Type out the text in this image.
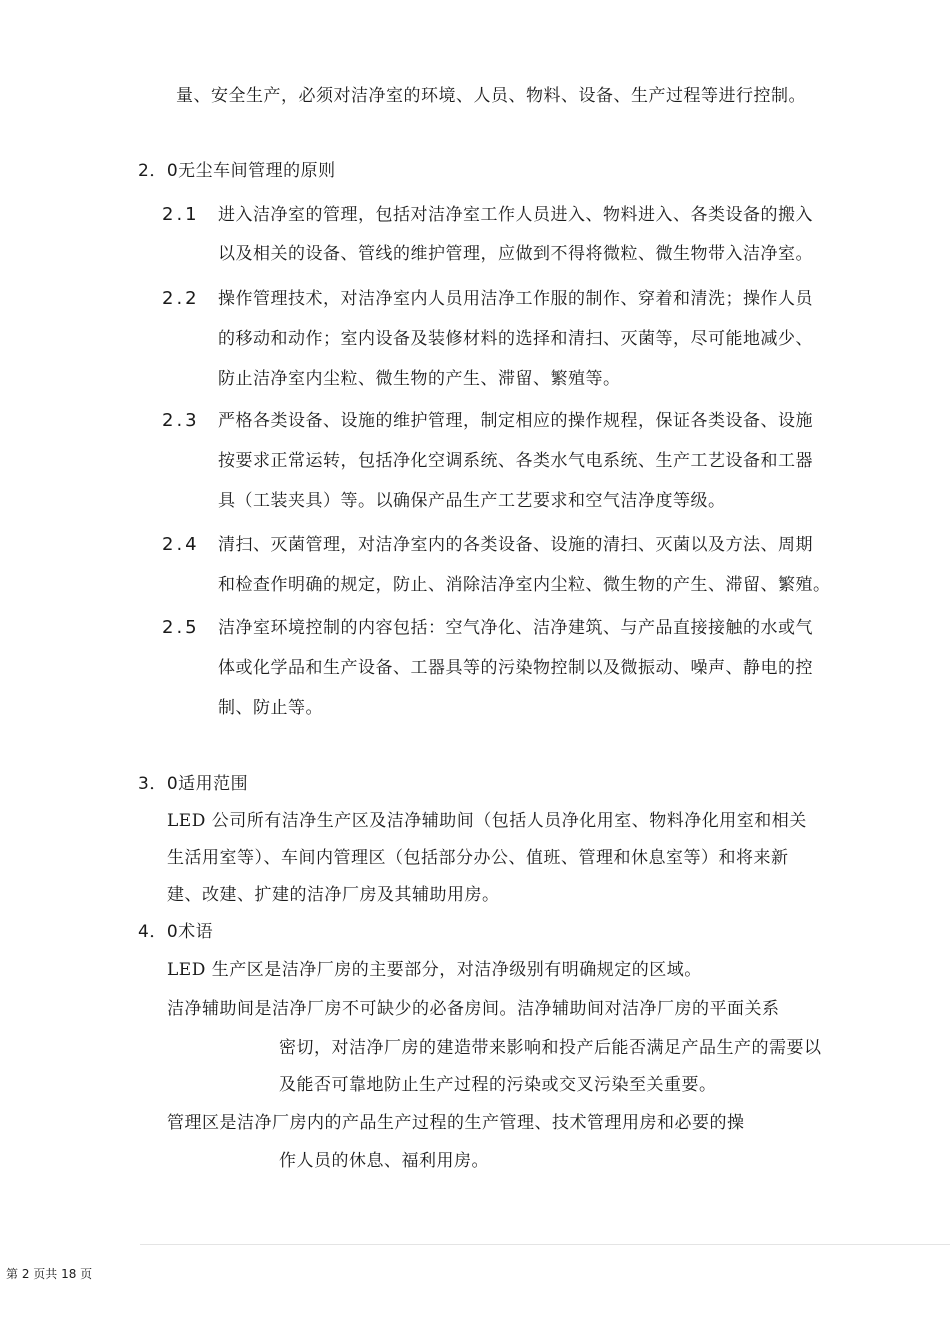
量、安全生产，必须对洁净室的环境、人员、物料、设备、生产过程等进行控制。
2．0无尘车间管理的原则
2.1 进入洁净室的管理，包括对洁净室工作人员进入、物料进入、各类设备的搬入
以及相关的设备、管线的维护管理，应做到不得将微粒、微生物带入洁净室。
2.2 操作管理技术，对洁净室内人员用洁净工作服的制作、穿着和清洗；操作人员
的移动和动作；室内设备及装修材料的选择和清扫、灭菌等，尽可能地减少、
防止洁净室内尘粒、微生物的产生、滞留、繁殖等。
2.3 严格各类设备、设施的维护管理，制定相应的操作规程，保证各类设备、设施
按要求正常运转，包括净化空调系统、各类水气电系统、生产工艺设备和工器
具（工装夹具）等。以确保产品生产工艺要求和空气洁净度等级。
2.4 清扫、灭菌管理，对洁净室内的各类设备、设施的清扫、灭菌以及方法、周期
和检查作明确的规定，防止、消除洁净室内尘粒、微生物的产生、滞留、繁殖。
2.5 洁净室环境控制的内容包括：空气净化、洁净建筑、与产品直接接触的水或气
体或化学品和生产设备、工器具等的污染物控制以及微振动、噪声、静电的控
制、防止等。
3．0适用范围
LED 公司所有洁净生产区及洁净辅助间（包括人员净化用室、物料净化用室和相关
生活用室等）、车间内管理区（包括部分办公、值班、管理和休息室等）和将来新
建、改建、扩建的洁净厂房及其辅助用房。
4．0术语
LED 生产区是洁净厂房的主要部分，对洁净级别有明确规定的区域。
洁净辅助间是洁净厂房不可缺少的必备房间。洁净辅助间对洁净厂房的平面关系
密切，对洁净厂房的建造带来影响和投产后能否满足产品生产的需要以
及能否可靠地防止生产过程的污染或交叉污染至关重要。
管理区是洁净厂房内的产品生产过程的生产管理、技术管理用房和必要的操
作人员的休息、福利用房。
第 2 页共 18 页
